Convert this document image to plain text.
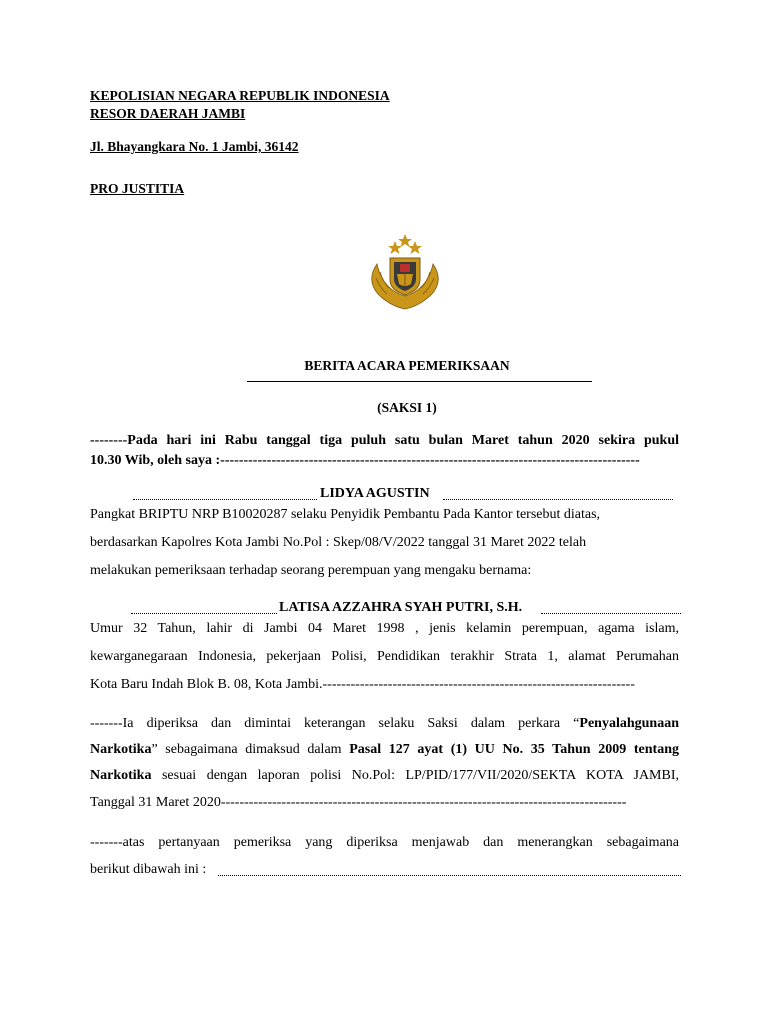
KEPOLISIAN NEGARA REPUBLIK INDONESIA
RESOR DAERAH JAMBI
Jl. Bhayangkara No. 1 Jambi, 36142
PRO JUSTITIA
BERITA ACARA PEMERIKSAAN
(SAKSI 1)
--------Pada hari ini Rabu tanggal tiga puluh satu bulan Maret tahun 2020 sekira pukul
10.30 Wib, oleh saya :------------------------------------------------------------------------------------------
LIDYA AGUSTIN
Pangkat BRIPTU NRP B10020287 selaku Penyidik Pembantu Pada Kantor tersebut diatas,
berdasarkan Kapolres Kota Jambi No.Pol : Skep/08/V/2022 tanggal 31 Maret 2022 telah
melakukan pemeriksaan terhadap seorang perempuan yang mengaku bernama:
LATISA AZZAHRA SYAH PUTRI, S.H.
Umur 32 Tahun, lahir di Jambi 04 Maret 1998 , jenis kelamin perempuan, agama islam,
kewarganegaraan Indonesia, pekerjaan Polisi, Pendidikan terakhir Strata 1, alamat Perumahan
Kota Baru Indah Blok B. 08, Kota Jambi.-------------------------------------------------------------------
-------Ia diperiksa dan dimintai keterangan selaku Saksi dalam perkara “Penyalahgunaan
Narkotika” sebagaimana dimaksud dalam Pasal 127 ayat (1) UU No. 35 Tahun 2009 tentang
Narkotika sesuai dengan laporan polisi No.Pol: LP/PID/177/VII/2020/SEKTA KOTA JAMBI,
Tanggal 31 Maret 2020---------------------------------------------------------------------------------------
-------atas pertanyaan pemeriksa yang diperiksa menjawab dan menerangkan sebagaimana
berikut dibawah ini :
